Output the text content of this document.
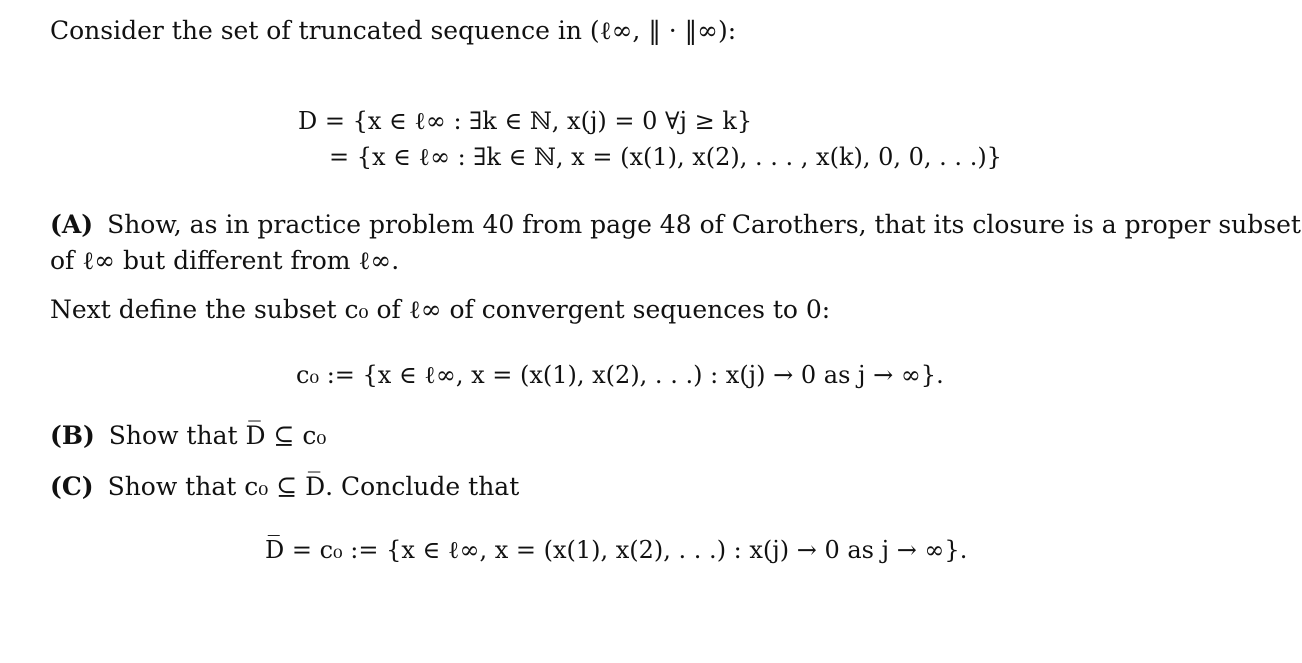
Consider the set of truncated sequence in (ℓ∞, ‖ · ‖∞):
D = {x ∈ ℓ∞ : ∃k ∈ ℕ, x(j) = 0 ∀j ≥ k}
= {x ∈ ℓ∞ : ∃k ∈ ℕ, x = (x(1), x(2), . . . , x(k), 0, 0, . . .)}
(A) Show, as in practice problem 40 from page 48 of Carothers, that its closure is a proper subset
of ℓ∞ but different from ℓ∞.
Next define the subset c₀ of ℓ∞ of convergent sequences to 0:
c₀ := {x ∈ ℓ∞, x = (x(1), x(2), . . .) : x(j) → 0 as j → ∞}.
(B) Show that D̅ ⊆ c₀
(C) Show that c₀ ⊆ D̅. Conclude that
D̅ = c₀ := {x ∈ ℓ∞, x = (x(1), x(2), . . .) : x(j) → 0 as j → ∞}.
